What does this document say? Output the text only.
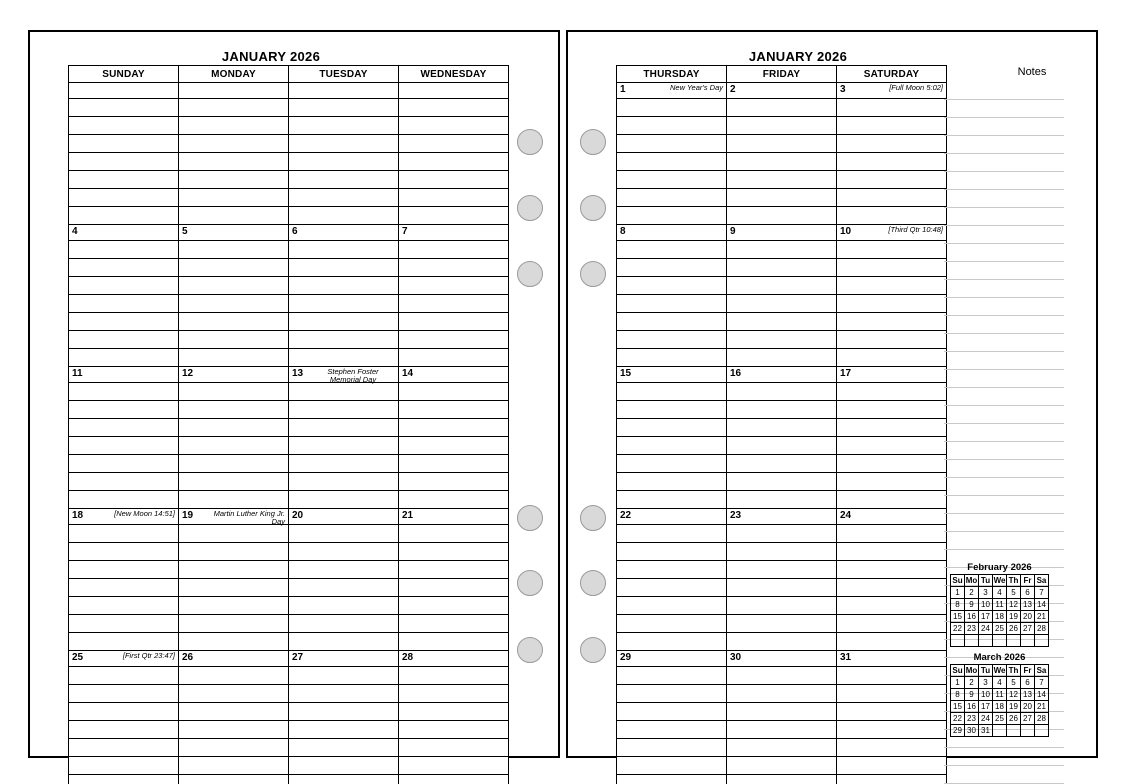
JANUARY 2026
SUNDAY	MONDAY	TUESDAY	WEDNESDAY

4	5	6	7

11	12	13 Stephen Foster Memorial Day	14

18 [New Moon 14:51]	19 Martin Luther King Jr. Day	20	21

25 [First Qtr 23:47]	26	27	28

JANUARY 2026
Notes
THURSDAY	FRIDAY	SATURDAY

1 New Year's Day	2	3 [Full Moon 5:02]

8	9	10 [Third Qtr 10:48]

15	16	17

22	23	24

29	30	31

February 2026
Su	Mo	Tu	We	Th	Fr	Sa
1	2	3	4	5	6	7
8	9	10	11	12	13	14
15	16	17	18	19	20	21
22	23	24	25	26	27	28

March 2026
Su	Mo	Tu	We	Th	Fr	Sa
1	2	3	4	5	6	7
8	9	10	11	12	13	14
15	16	17	18	19	20	21
22	23	24	25	26	27	28
29	30	31				
